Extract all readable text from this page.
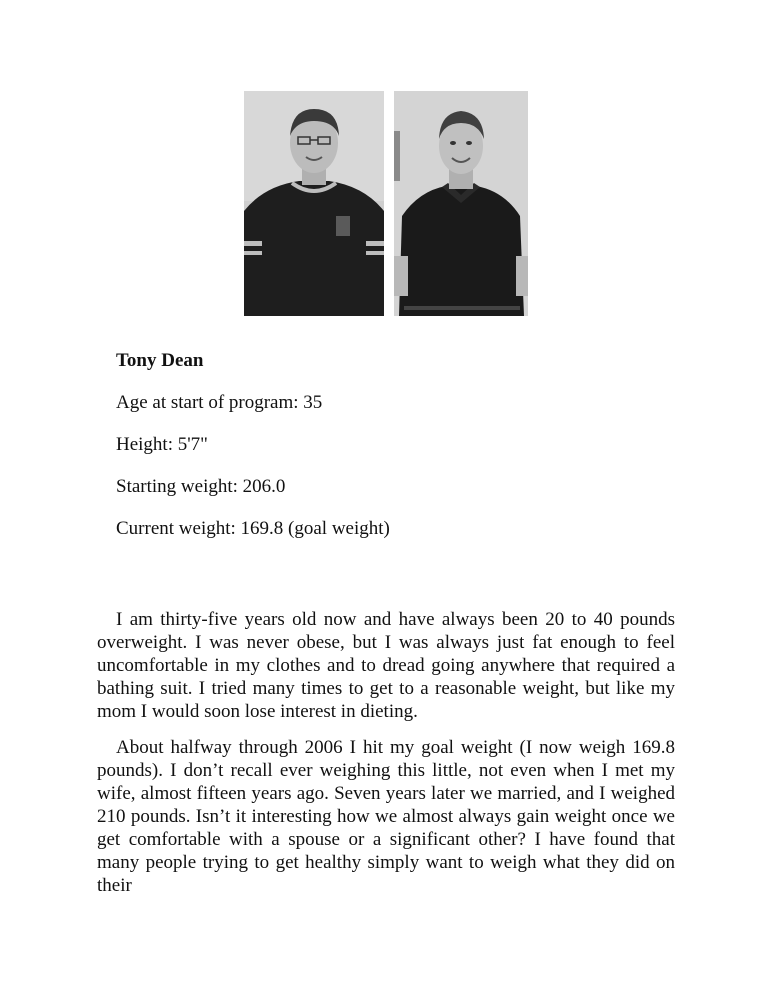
Tony Dean

Age at start of program: 35

Height: 5'7"

Starting weight: 206.0

Current weight: 169.8 (goal weight)

I am thirty-five years old now and have always been 20 to 40 pounds overweight. I was never obese, but I was always just fat enough to feel uncomfortable in my clothes and to dread going anywhere that required a bathing suit. I tried many times to get to a reasonable weight, but like my mom I would soon lose interest in dieting.

About halfway through 2006 I hit my goal weight (I now weigh 169.8 pounds). I don’t recall ever weighing this little, not even when I met my wife, almost fifteen years ago. Seven years later we married, and I weighed 210 pounds. Isn’t it interesting how we almost always gain weight once we get comfortable with a spouse or a significant other? I have found that many people trying to get healthy simply want to weigh what they did on their
